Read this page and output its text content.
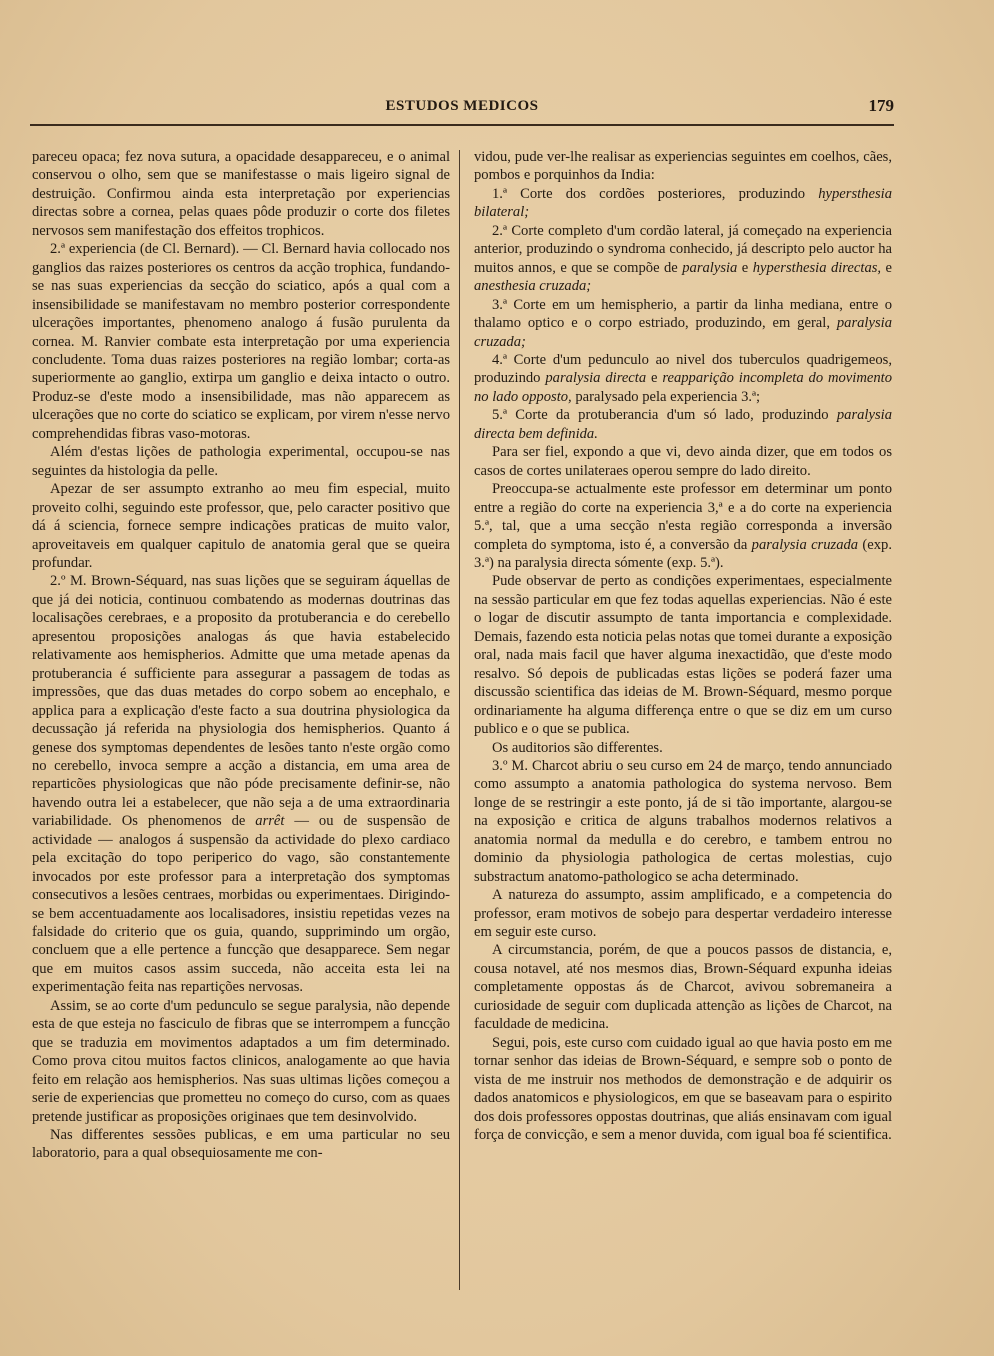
ESTUDOS MEDICOS	179

pareceu opaca; fez nova sutura, a opacidade desappareceu, e o animal conservou o olho, sem que se manifestasse o mais ligeiro signal de destruição. Confirmou ainda esta interpretação por experiencias directas sobre a cornea, pelas quaes pôde produzir o corte dos filetes nervosos sem manifestação dos effeitos trophicos.

2.ª experiencia (de Cl. Bernard). — Cl. Bernard havia collocado nos ganglios das raizes posteriores os centros da acção trophica, fundando-se nas suas experiencias da secção do sciatico, após a qual com a insensibilidade se manifestavam no membro posterior correspondente ulcerações importantes, phenomeno analogo á fusão purulenta da cornea. M. Ranvier combate esta interpretação por uma experiencia concludente. Toma duas raizes posteriores na região lombar; corta-as superiormente ao ganglio, extirpa um ganglio e deixa intacto o outro. Produz-se d'este modo a insensibilidade, mas não apparecem as ulcerações que no corte do sciatico se explicam, por virem n'esse nervo comprehendidas fibras vaso-motoras.

Além d'estas lições de pathologia experimental, occupou-se nas seguintes da histologia da pelle.

Apezar de ser assumpto extranho ao meu fim especial, muito proveito colhi, seguindo este professor, que, pelo caracter positivo que dá á sciencia, fornece sempre indicações praticas de muito valor, aproveitaveis em qualquer capitulo de anatomia geral que se queira profundar.

2.º M. Brown-Séquard, nas suas lições que se seguiram áquellas de que já dei noticia, continuou combatendo as modernas doutrinas das localisações cerebraes, e a proposito da protuberancia e do cerebello apresentou proposições analogas ás que havia estabelecido relativamente aos hemispherios. Admitte que uma metade apenas da protuberancia é sufficiente para assegurar a passagem de todas as impressões, que das duas metades do corpo sobem ao encephalo, e applica para a explicação d'este facto a sua doutrina physiologica da decussação já referida na physiologia dos hemispherios. Quanto á genese dos symptomas dependentes de lesões tanto n'este orgão como no cerebello, invoca sempre a acção a distancia, em uma area de reparticões physiologicas que não póde precisamente definir-se, não havendo outra lei a estabelecer, que não seja a de uma extraordinaria variabilidade. Os phenomenos de arrêt — ou de suspensão de actividade — analogos á suspensão da actividade do plexo cardiaco pela excitação do topo periperico do vago, são constantemente invocados por este professor para a interpretação dos symptomas consecutivos a lesões centraes, morbidas ou experimentaes. Dirigindo-se bem accentuadamente aos localisadores, insistiu repetidas vezes na falsidade do criterio que os guia, quando, supprimindo um orgão, concluem que a elle pertence a funcção que desapparece. Sem negar que em muitos casos assim succeda, não acceita esta lei na experimentação feita nas repartições nervosas.

Assim, se ao corte d'um pedunculo se segue paralysia, não depende esta de que esteja no fasciculo de fibras que se interrompem a funcção que se traduzia em movimentos adaptados a um fim determinado. Como prova citou muitos factos clinicos, analogamente ao que havia feito em relação aos hemispherios. Nas suas ultimas lições começou a serie de experiencias que prometteu no começo do curso, com as quaes pretende justificar as proposições originaes que tem desinvolvido.

Nas differentes sessões publicas, e em uma particular no seu laboratorio, para a qual obsequiosamente me con-

vidou, pude ver-lhe realisar as experiencias seguintes em coelhos, cães, pombos e porquinhos da India:

1.ª Corte dos cordões posteriores, produzindo hypersthesia bilateral;

2.ª Corte completo d'um cordão lateral, já começado na experiencia anterior, produzindo o syndroma conhecido, já descripto pelo auctor ha muitos annos, e que se compõe de paralysia e hypersthesia directas, e anesthesia cruzada;

3.ª Corte em um hemispherio, a partir da linha mediana, entre o thalamo optico e o corpo estriado, produzindo, em geral, paralysia cruzada;

4.ª Corte d'um pedunculo ao nivel dos tuberculos quadrigemeos, produzindo paralysia directa e reapparição incompleta do movimento no lado opposto, paralysado pela experiencia 3.ª;

5.ª Corte da protuberancia d'um só lado, produzindo paralysia directa bem definida.

Para ser fiel, expondo a que vi, devo ainda dizer, que em todos os casos de cortes unilateraes operou sempre do lado direito.

Preoccupa-se actualmente este professor em determinar um ponto entre a região do corte na experiencia 3,ª e a do corte na experiencia 5.ª, tal, que a uma secção n'esta região corresponda a inversão completa do symptoma, isto é, a conversão da paralysia cruzada (exp. 3.ª) na paralysia directa sómente (exp. 5.ª).

Pude observar de perto as condições experimentaes, especialmente na sessão particular em que fez todas aquellas experiencias. Não é este o logar de discutir assumpto de tanta importancia e complexidade. Demais, fazendo esta noticia pelas notas que tomei durante a exposição oral, nada mais facil que haver alguma inexactidão, que d'este modo resalvo. Só depois de publicadas estas lições se poderá fazer uma discussão scientifica das ideias de M. Brown-Séquard, mesmo porque ordinariamente ha alguma differença entre o que se diz em um curso publico e o que se publica.

Os auditorios são differentes.

3.º M. Charcot abriu o seu curso em 24 de março, tendo annunciado como assumpto a anatomia pathologica do systema nervoso. Bem longe de se restringir a este ponto, já de si tão importante, alargou-se na exposição e critica de alguns trabalhos modernos relativos a anatomia normal da medulla e do cerebro, e tambem entrou no dominio da physiologia pathologica de certas molestias, cujo substractum anatomo-pathologico se acha determinado.

A natureza do assumpto, assim amplificado, e a competencia do professor, eram motivos de sobejo para despertar verdadeiro interesse em seguir este curso.

A circumstancia, porém, de que a poucos passos de distancia, e, cousa notavel, até nos mesmos dias, Brown-Séquard expunha ideias completamente oppostas ás de Charcot, avivou sobremaneira a curiosidade de seguir com duplicada attenção as lições de Charcot, na faculdade de medicina.

Segui, pois, este curso com cuidado igual ao que havia posto em me tornar senhor das ideias de Brown-Séquard, e sempre sob o ponto de vista de me instruir nos methodos de demonstração e de adquirir os dados anatomicos e physiologicos, em que se baseavam para o espirito dos dois professores oppostas doutrinas, que aliás ensinavam com igual força de convicção, e sem a menor duvida, com igual boa fé scientifica.
